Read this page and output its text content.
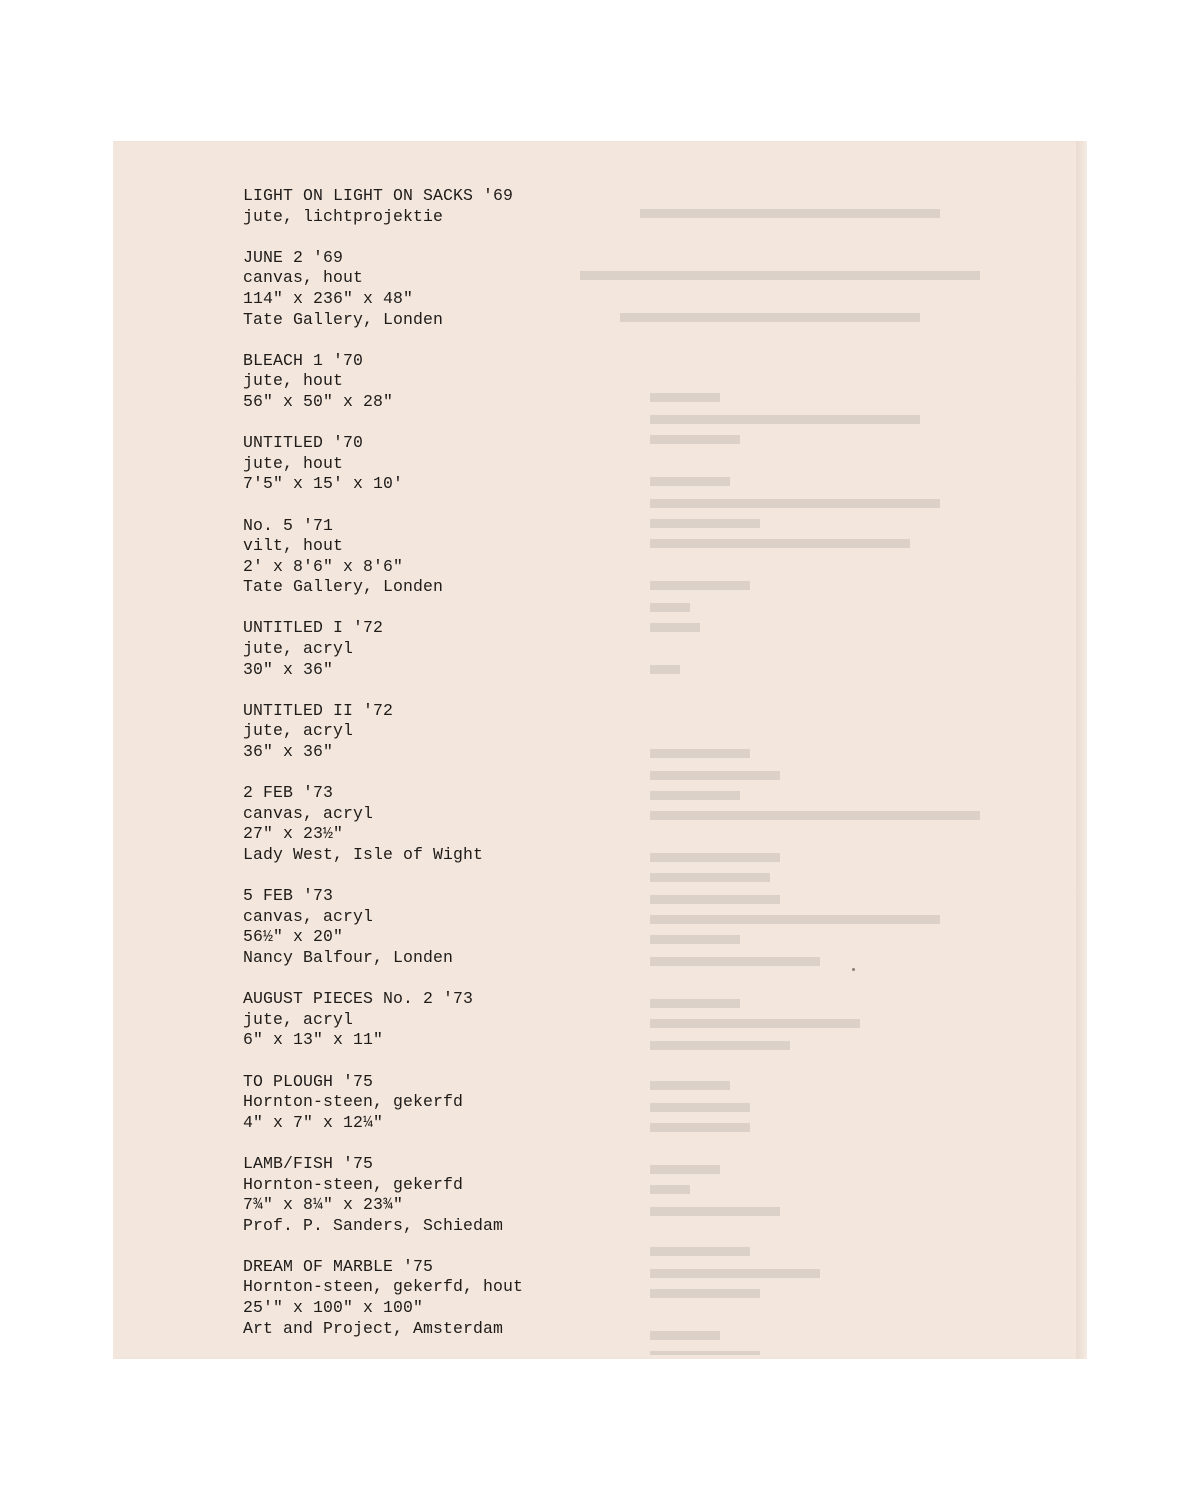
LIGHT ON LIGHT ON SACKS '69
jute, lichtprojektie
JUNE 2 '69
canvas, hout
114" x 236" x 48"
Tate Gallery, Londen
BLEACH 1 '70
jute, hout
56" x 50" x 28"
UNTITLED '70
jute, hout
7'5" x 15' x 10'
No. 5 '71
vilt, hout
2' x 8'6" x 8'6"
Tate Gallery, Londen
UNTITLED I '72
jute, acryl
30" x 36"
UNTITLED II '72
jute, acryl
36" x 36"
2 FEB '73
canvas, acryl
27" x 23½"
Lady West, Isle of Wight
5 FEB '73
canvas, acryl
56½" x 20"
Nancy Balfour, Londen
AUGUST PIECES No. 2 '73
jute, acryl
6" x 13" x 11"
TO PLOUGH '75
Hornton-steen, gekerfd
4" x 7" x 12¼"
LAMB/FISH '75
Hornton-steen, gekerfd
7¾" x 8¼" x 23¾"
Prof. P. Sanders, Schiedam
DREAM OF MARBLE '75
Hornton-steen, gekerfd, hout
25'" x 100" x 100"
Art and Project, Amsterdam
